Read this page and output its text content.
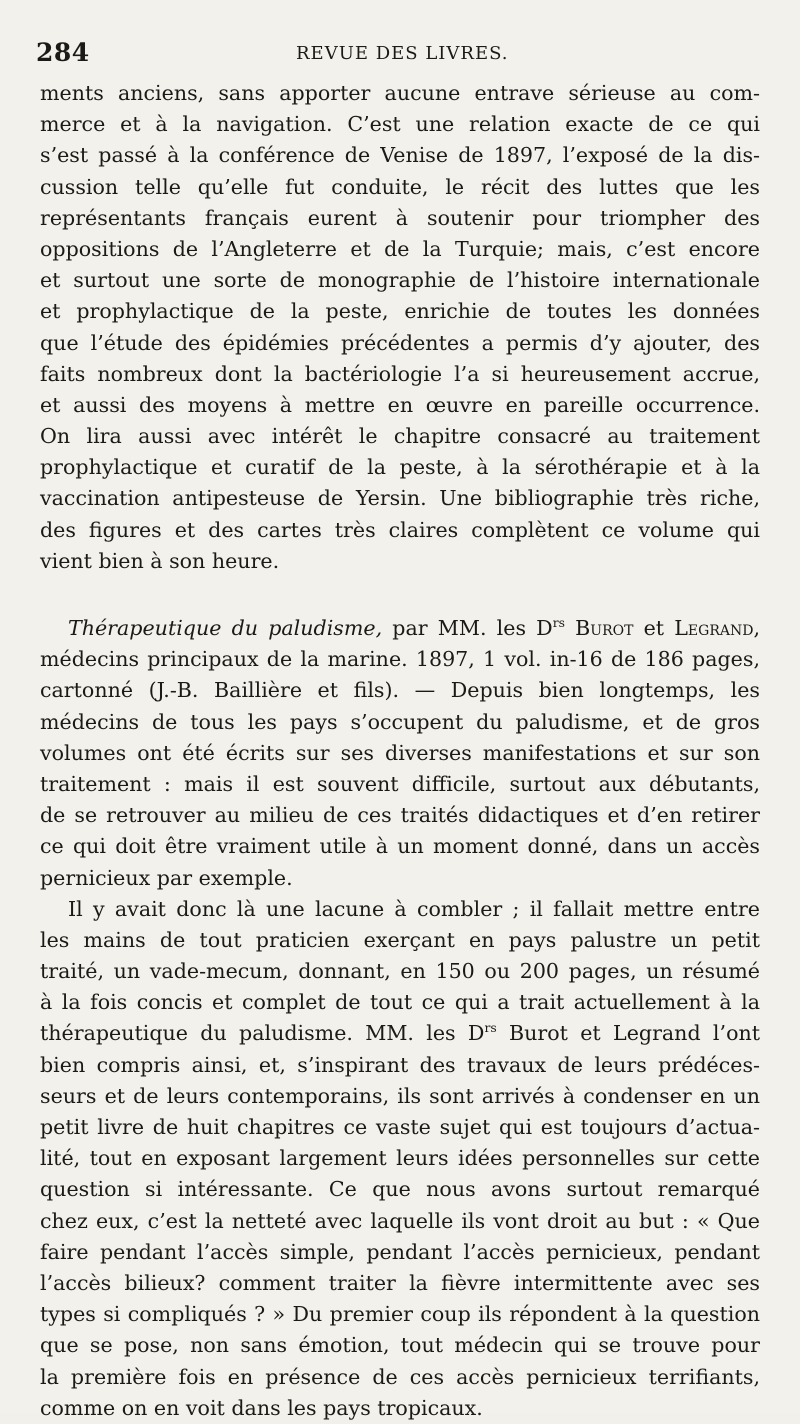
284	REVUE DES LIVRES.
ments anciens, sans apporter aucune entrave sérieuse au com-
merce et à la navigation. C’est une relation exacte de ce qui
s’est passé à la conférence de Venise de 1897, l’exposé de la dis-
cussion telle qu’elle fut conduite, le récit des luttes que les
représentants français eurent à soutenir pour triompher des
oppositions de l’Angleterre et de la Turquie; mais, c’est encore
et surtout une sorte de monographie de l’histoire internationale
et prophylactique de la peste, enrichie de toutes les données
que l’étude des épidémies précédentes a permis d’y ajouter, des
faits nombreux dont la bactériologie l’a si heureusement accrue,
et aussi des moyens à mettre en œuvre en pareille occurrence.
On lira aussi avec intérêt le chapitre consacré au traitement
prophylactique et curatif de la peste, à la sérothérapie et à la
vaccination antipesteuse de Yersin. Une bibliographie très riche,
des figures et des cartes très claires complètent ce volume qui
vient bien à son heure.
Thérapeutique du paludisme, par MM. les $D^{rs}$ Burot et Legrand,
médecins principaux de la marine. 1897, 1 vol. in-16 de 186 pages,
cartonné (J.-B. Baillière et fils). — Depuis bien longtemps, les
médecins de tous les pays s’occupent du paludisme, et de gros
volumes ont été écrits sur ses diverses manifestations et sur son
traitement : mais il est souvent difficile, surtout aux débutants,
de se retrouver au milieu de ces traités didactiques et d’en retirer
ce qui doit être vraiment utile à un moment donné, dans un accès
pernicieux par exemple.
Il y avait donc là une lacune à combler ; il fallait mettre entre
les mains de tout praticien exerçant en pays palustre un petit
traité, un vade-mecum, donnant, en 150 ou 200 pages, un résumé
à la fois concis et complet de tout ce qui a trait actuellement à la
thérapeutique du paludisme. MM. les $D^{rs}$ Burot et Legrand l’ont
bien compris ainsi, et, s’inspirant des travaux de leurs prédéces-
seurs et de leurs contemporains, ils sont arrivés à condenser en un
petit livre de huit chapitres ce vaste sujet qui est toujours d’actua-
lité, tout en exposant largement leurs idées personnelles sur cette
question si intéressante. Ce que nous avons surtout remarqué
chez eux, c’est la netteté avec laquelle ils vont droit au but : « Que
faire pendant l’accès simple, pendant l’accès pernicieux, pendant
l’accès bilieux? comment traiter la fièvre intermittente avec ses
types si compliqués ? » Du premier coup ils répondent à la question
que se pose, non sans émotion, tout médecin qui se trouve pour
la première fois en présence de ces accès pernicieux terrifiants,
comme on en voit dans les pays tropicaux.
